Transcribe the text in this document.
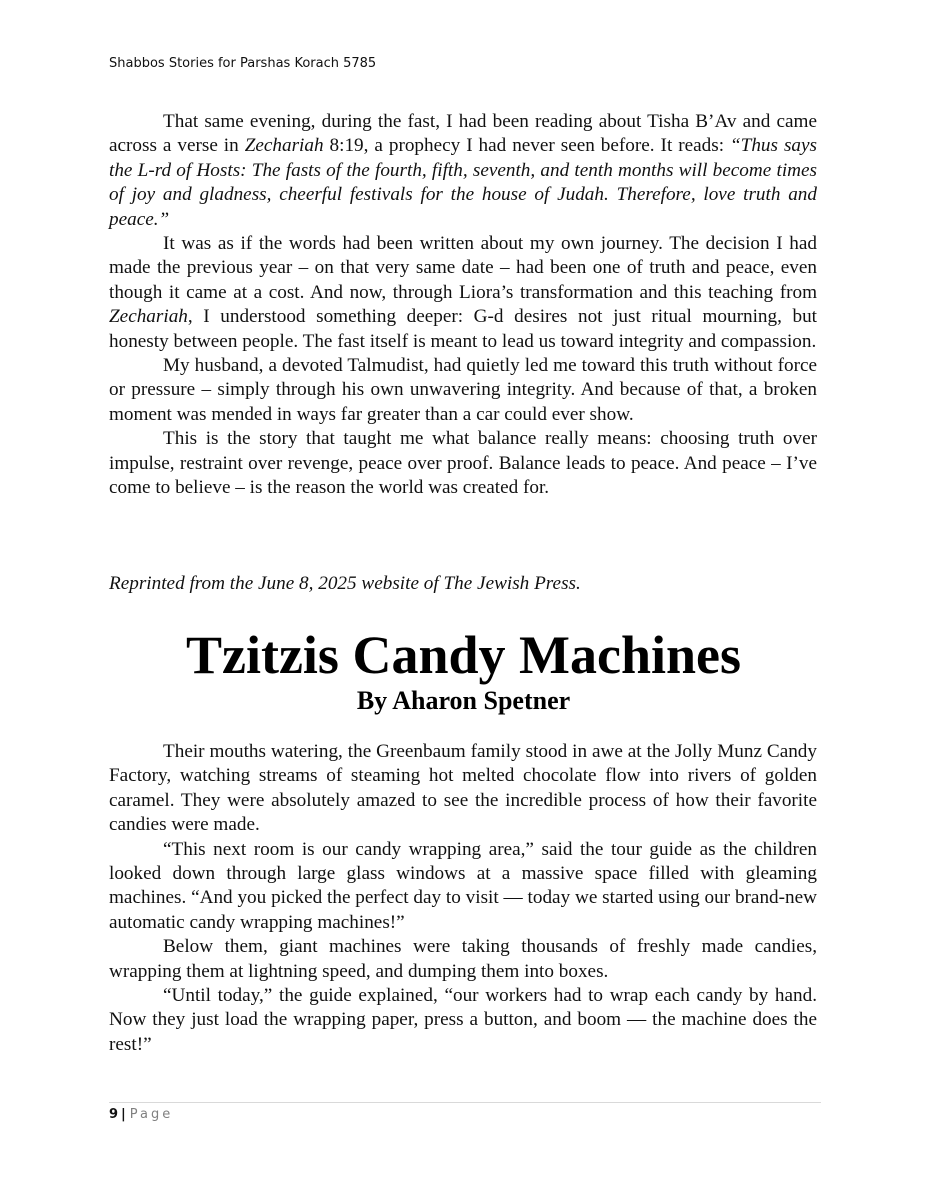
Shabbos Stories for Parshas Korach 5785

That same evening, during the fast, I had been reading about Tisha B’Av and came across a verse in Zechariah 8:19, a prophecy I had never seen before. It reads: “Thus says the L-rd of Hosts: The fasts of the fourth, fifth, seventh, and tenth months will become times of joy and gladness, cheerful festivals for the house of Judah. Therefore, love truth and peace.”

It was as if the words had been written about my own journey. The decision I had made the previous year – on that very same date – had been one of truth and peace, even though it came at a cost. And now, through Liora’s transformation and this teaching from Zechariah, I understood something deeper: G-d desires not just ritual mourning, but honesty between people. The fast itself is meant to lead us toward integrity and compassion.

My husband, a devoted Talmudist, had quietly led me toward this truth without force or pressure – simply through his own unwavering integrity. And because of that, a broken moment was mended in ways far greater than a car could ever show.

This is the story that taught me what balance really means: choosing truth over impulse, restraint over revenge, peace over proof. Balance leads to peace. And peace – I’ve come to believe – is the reason the world was created for.

Reprinted from the June 8, 2025 website of The Jewish Press.
Tzitzis Candy Machines
By Aharon Spetner

Their mouths watering, the Greenbaum family stood in awe at the Jolly Munz Candy Factory, watching streams of steaming hot melted chocolate flow into rivers of golden caramel. They were absolutely amazed to see the incredible process of how their favorite candies were made.

“This next room is our candy wrapping area,” said the tour guide as the children looked down through large glass windows at a massive space filled with gleaming machines. “And you picked the perfect day to visit — today we started using our brand-new automatic candy wrapping machines!”

Below them, giant machines were taking thousands of freshly made candies, wrapping them at lightning speed, and dumping them into boxes.

“Until today,” the guide explained, “our workers had to wrap each candy by hand. Now they just load the wrapping paper, press a button, and boom — the machine does the rest!”

9 | Page
